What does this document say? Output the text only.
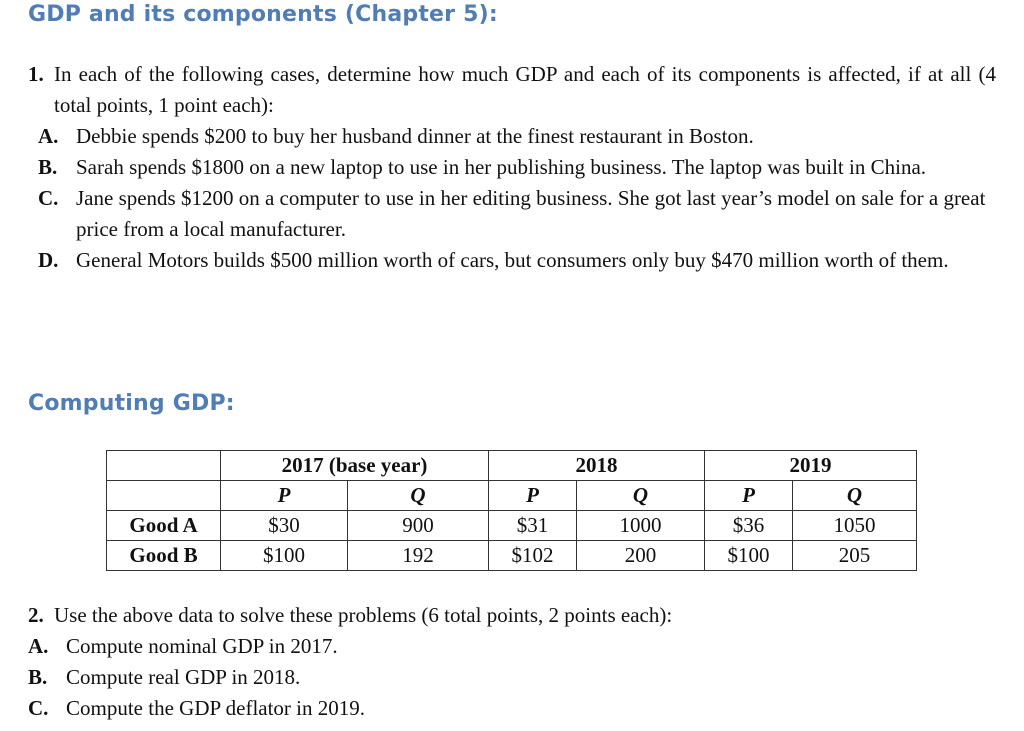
GDP and its components (Chapter 5):
1. In each of the following cases, determine how much GDP and each of its components is affected, if at all (4 total points, 1 point each):
A. Debbie spends $200 to buy her husband dinner at the finest restaurant in Boston.
B. Sarah spends $1800 on a new laptop to use in her publishing business. The laptop was built in China.
C. Jane spends $1200 on a computer to use in her editing business. She got last year’s model on sale for a great price from a local manufacturer.
D. General Motors builds $500 million worth of cars, but consumers only buy $470 million worth of them.
Computing GDP:
	2017 (base year)		2018		2019	
	P	Q	P	Q	P	Q
Good A	$30	900	$31	1000	$36	1050
Good B	$100	192	$102	200	$100	205
2. Use the above data to solve these problems (6 total points, 2 points each):
A. Compute nominal GDP in 2017.
B. Compute real GDP in 2018.
C. Compute the GDP deflator in 2019.
